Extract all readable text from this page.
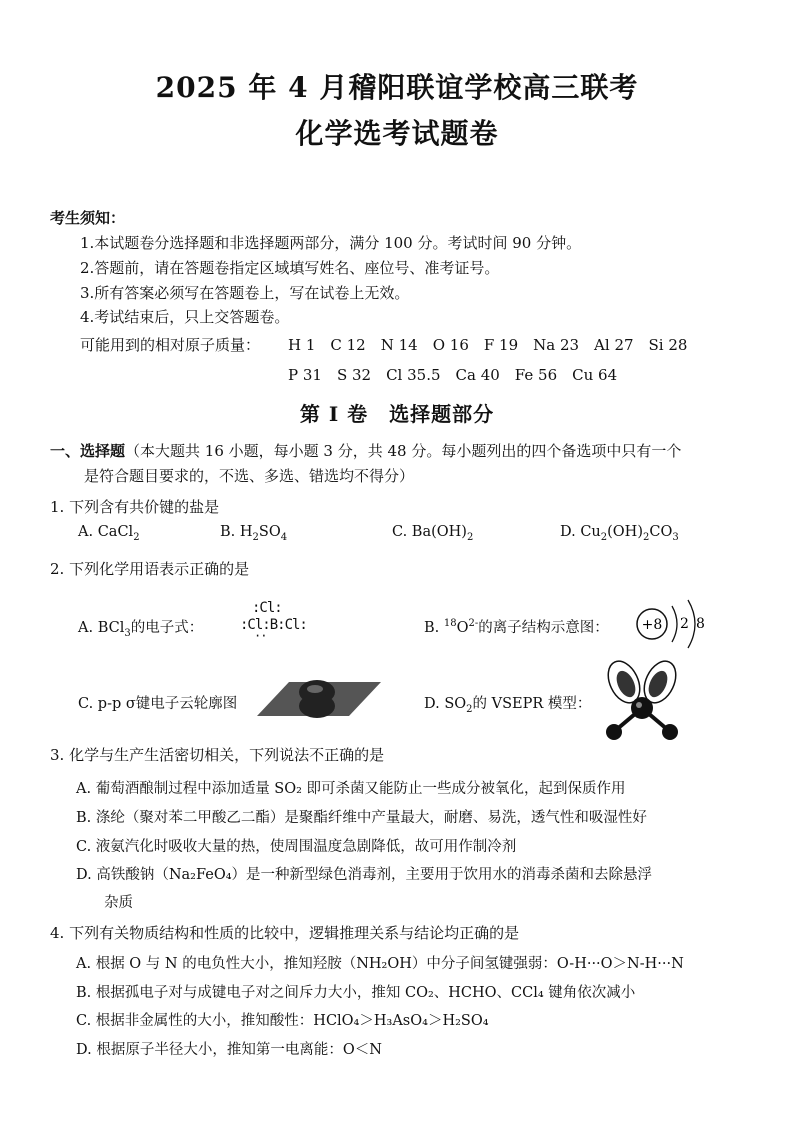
2025 年 4 月稽阳联谊学校高三联考
化学选考试题卷
考生须知：
1.本试题卷分选择题和非选择题两部分，满分 100 分。考试时间 90 分钟。
2.答题前，请在答题卷指定区域填写姓名、座位号、准考证号。
3.所有答案必须写在答题卷上，写在试卷上无效。
4.考试结束后，只上交答题卷。
可能用到的相对原子质量： H 1　C 12　N 14　O 16　F 19　Na 23　Al 27　Si 28
P 31　S 32　Cl 35.5　Ca 40　Fe 56　Cu 64
第 I 卷　选择题部分
一、选择题（本大题共 16 小题，每小题 3 分，共 48 分。每小题列出的四个备选项中只有一个
是符合题目要求的，不选、多选、错选均不得分）
1. 下列含有共价键的盐是
A. CaCl$_2$	B. $H_2SO_4$	C. $Ba(OH)_2$	D. $Cu_2(OH)_2CO_3$
2. 下列化学用语表示正确的是
A. BCl$_3$的电子式：
:Cl:
:Cl:B:Cl:
··	B. $^{18}O^{2-}$的离子结构示意图： +8 2 8
C. p-p σ键电子云轮廓图	D. $SO_2$的 VSEPR 模型：
3. 化学与生产生活密切相关，下列说法不正确的是
A. 葡萄酒酿制过程中添加适量 SO₂ 即可杀菌又能防止一些成分被氧化，起到保质作用
B. 涤纶（聚对苯二甲酸乙二酯）是聚酯纤维中产量最大，耐磨、易洗，透气性和吸湿性好
C. 液氨汽化时吸收大量的热，使周围温度急剧降低，故可用作制冷剂
D. 高铁酸钠（Na₂FeO₄）是一种新型绿色消毒剂，主要用于饮用水的消毒杀菌和去除悬浮
杂质
4. 下列有关物质结构和性质的比较中，逻辑推理关系与结论均正确的是
A. 根据 O 与 N 的电负性大小，推知羟胺（NH₂OH）中分子间氢键强弱：O-H···O＞N-H···N
B. 根据孤电子对与成键电子对之间斥力大小，推知 CO₂、HCHO、CCl₄ 键角依次减小
C. 根据非金属性的大小，推知酸性：HClO₄＞H₃AsO₄＞H₂SO₄
D. 根据原子半径大小，推知第一电离能：O＜N
